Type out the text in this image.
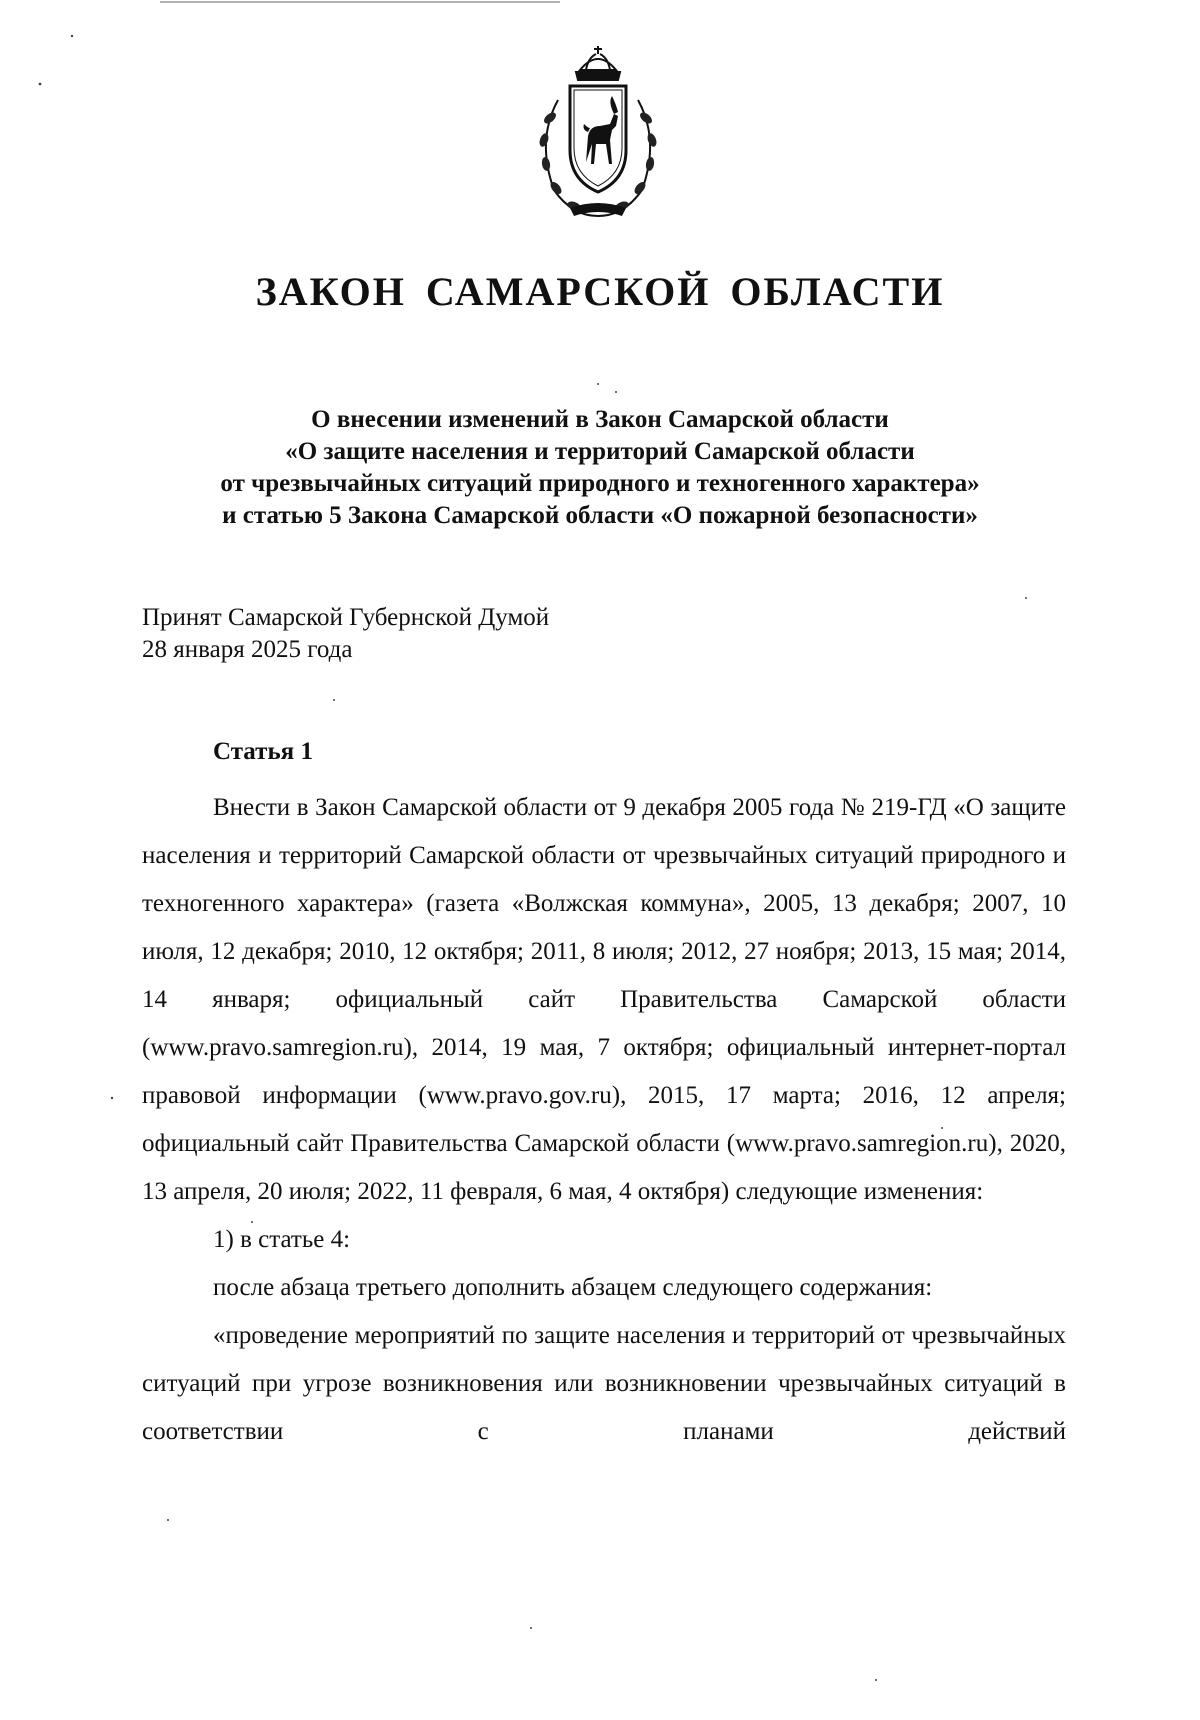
ЗАКОН САМАРСКОЙ ОБЛАСТИ
О внесении изменений в Закон Самарской области
«О защите населения и территорий Самарской области
от чрезвычайных ситуаций природного и техногенного характера»
и статью 5 Закона Самарской области «О пожарной безопасности»
Принят Самарской Губернской Думой
28 января 2025 года
Статья 1

Внести в Закон Самарской области от 9 декабря 2005 года № 219-ГД «О защите населения и территорий Самарской области от чрезвычайных ситуаций природного и техногенного характера» (газета «Волжская коммуна», 2005, 13 декабря; 2007, 10 июля, 12 декабря; 2010, 12 октября; 2011, 8 июля; 2012, 27 ноября; 2013, 15 мая; 2014, 14 января; официальный сайт Правительства Самарской области (www.pravo.samregion.ru), 2014, 19 мая, 7 октября; официальный интернет-портал правовой информации (www.pravo.gov.ru), 2015, 17 марта; 2016, 12 апреля; официальный сайт Правительства Самарской области (www.pravo.samregion.ru), 2020, 13 апреля, 20 июля; 2022, 11 февраля, 6 мая, 4 октября) следующие изменения:

1) в статье 4:

после абзаца третьего дополнить абзацем следующего содержания:

«проведение мероприятий по защите населения и территорий от чрезвычайных ситуаций при угрозе возникновения или возникновении чрезвычайных ситуаций в соответствии с планами действий
